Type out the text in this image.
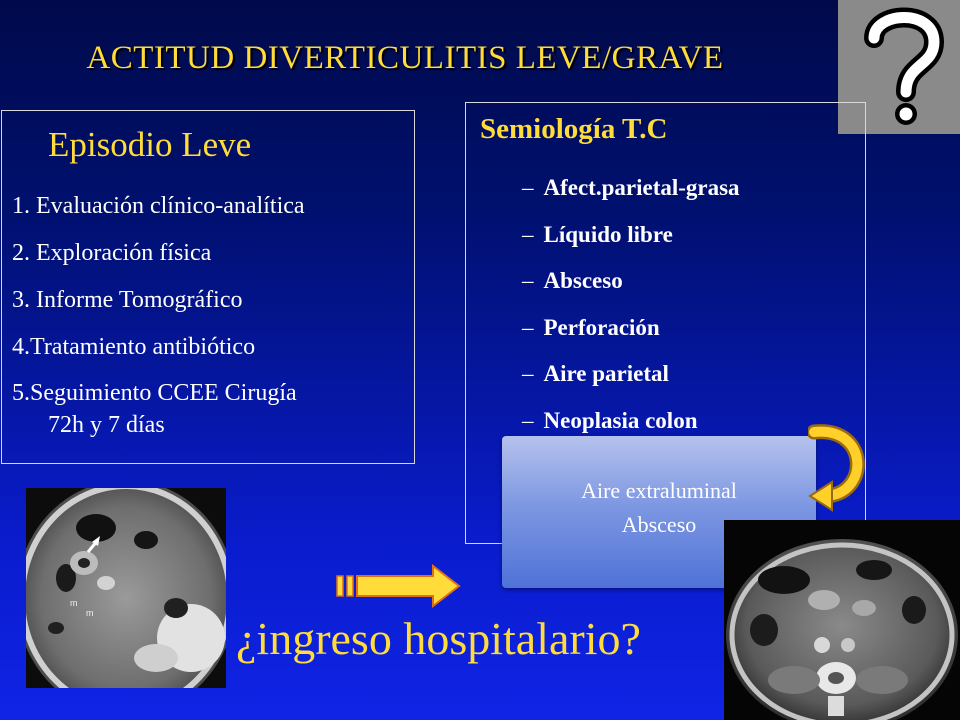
ACTITUD DIVERTICULITIS LEVE/GRAVE
Episodio Leve
1. Evaluación clínico-analítica
2. Exploración física
3. Informe Tomográfico
4.Tratamiento antibiótico
5.Seguimiento CCEE Cirugía
72h y 7 días
Semiología T.C
– Afect.parietal-grasa
– Líquido libre
– Absceso
– Perforación
– Aire parietal
– Neoplasia colon
Aire extraluminal
Absceso
m
m	¿ingreso hospitalario?
